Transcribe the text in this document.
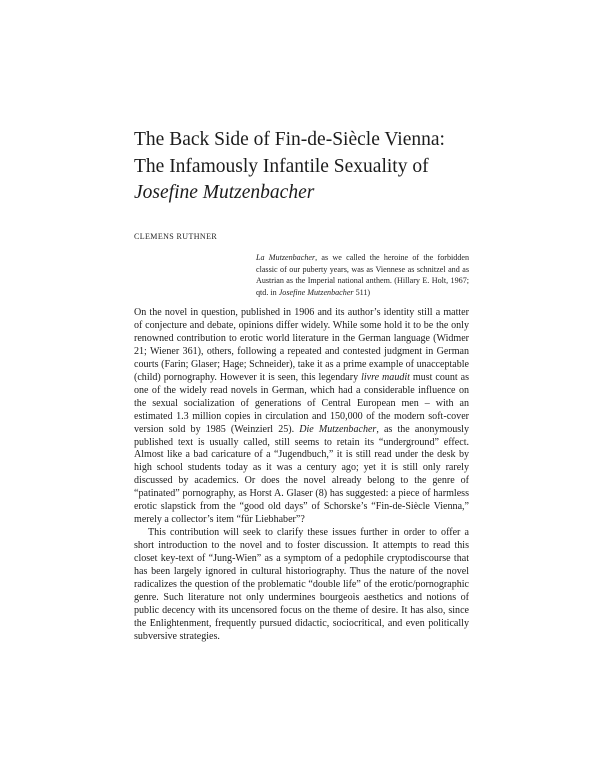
The Back Side of Fin-de-Siècle Vienna:
The Infamously Infantile Sexuality of
Josefine Mutzenbacher
CLEMENS RUTHNER
La Mutzenbacher, as we called the heroine of the forbidden classic of our puberty years, was as Viennese as schnitzel and as Austrian as the Imperial national anthem. (Hillary E. Holt, 1967; qtd. in Josefine Mutzenbacher 511)

On the novel in question, published in 1906 and its author’s identity still a matter of conjecture and debate, opinions differ widely. While some hold it to be the only renowned contribution to erotic world literature in the German language (Widmer 21; Wiener 361), others, following a repeated and contested judgment in German courts (Farin; Glaser; Hage; Schneider), take it as a prime example of unacceptable (child) pornography. However it is seen, this legendary livre maudit must count as one of the widely read novels in German, which had a considerable influence on the sexual socialization of generations of Central European men – with an estimated 1.3 million copies in circulation and 150,000 of the modern soft-cover version sold by 1985 (Weinzierl 25). Die Mutzenbacher, as the anonymously published text is usually called, still seems to retain its “underground” effect. Almost like a bad caricature of a “Jugendbuch,” it is still read under the desk by high school students today as it was a century ago; yet it is still only rarely discussed by academics. Or does the novel already belong to the genre of “patinated” pornography, as Horst A. Glaser (8) has suggested: a piece of harmless erotic slapstick from the “good old days” of Schorske’s “Fin-de-Siècle Vienna,” merely a collector’s item “für Liebhaber”?

This contribution will seek to clarify these issues further in order to offer a short introduction to the novel and to foster discussion. It attempts to read this closet key-text of “Jung-Wien” as a symptom of a pedophile cryptodiscourse that has been largely ignored in cultural historiography. Thus the nature of the novel radicalizes the question of the problematic “double life” of the erotic/pornographic genre. Such literature not only undermines bourgeois aesthetics and notions of public decency with its uncensored focus on the theme of desire. It has also, since the Enlightenment, frequently pursued didactic, sociocritical, and even politically subversive strategies.
